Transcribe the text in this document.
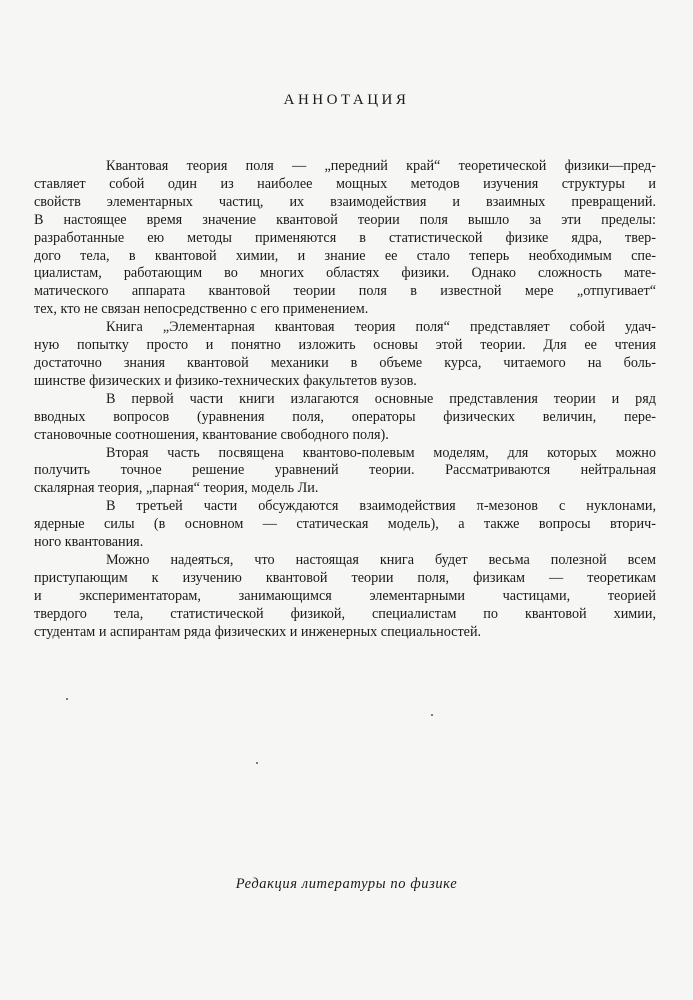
АННОТАЦИЯ

Квантовая теория поля — „передний край“ теоретической физики—пред-
ставляет собой один из наиболее мощных методов изучения структуры и
свойств элементарных частиц, их взаимодействия и взаимных превращений.
В настоящее время значение квантовой теории поля вышло за эти пределы:
разработанные ею методы применяются в статистической физике ядра, твер-
дого тела, в квантовой химии, и знание ее стало теперь необходимым спе-
циалистам, работающим во многих областях физики. Однако сложность мате-
матического аппарата квантовой теории поля в известной мере „отпугивает“
тех, кто не связан непосредственно с его применением.

Книга „Элементарная квантовая теория поля“ представляет собой удач-
ную попытку просто и понятно изложить основы этой теории. Для ее чтения
достаточно знания квантовой механики в объеме курса, читаемого на боль-
шинстве физических и физико-технических факультетов вузов.

В первой части книги излагаются основные представления теории и ряд
вводных вопросов (уравнения поля, операторы физических величин, пере-
становочные соотношения, квантование свободного поля).

Вторая часть посвящена квантово-полевым моделям, для которых можно
получить точное решение уравнений теории. Рассматриваются нейтральная
скалярная теория, „парная“ теория, модель Ли.

В третьей части обсуждаются взаимодействия π-мезонов с нуклонами,
ядерные силы (в основном — статическая модель), а также вопросы вторич-
ного квантования.

Можно надеяться, что настоящая книга будет весьма полезной всем
приступающим к изучению квантовой теории поля, физикам — теоретикам
и экспериментаторам, занимающимся элементарными частицами, теорией
твердого тела, статистической физикой, специалистам по квантовой химии,
студентам и аспирантам ряда физических и инженерных специальностей.

Редакция литературы по физике
